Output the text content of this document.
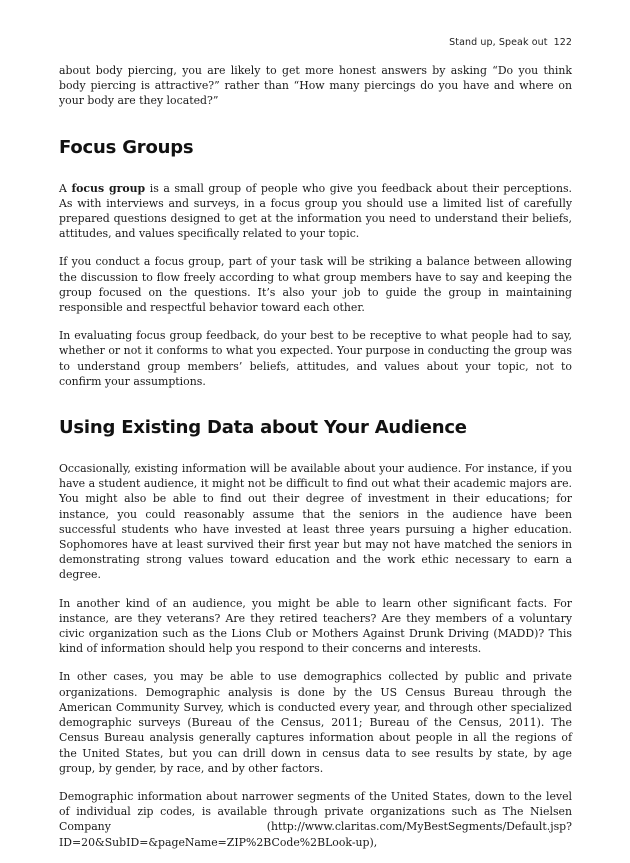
Stand up, Speak out 122

about body piercing, you are likely to get more honest answers by asking “Do you think body piercing is attractive?” rather than “How many piercings do you have and where on your body are they located?”

Focus Groups

A focus group is a small group of people who give you feedback about their perceptions. As with interviews and surveys, in a focus group you should use a limited list of carefully prepared questions designed to get at the information you need to understand their beliefs, attitudes, and values specifically related to your topic.

If you conduct a focus group, part of your task will be striking a balance between allowing the discussion to flow freely according to what group members have to say and keeping the group focused on the questions. It’s also your job to guide the group in maintaining responsible and respectful behavior toward each other.

In evaluating focus group feedback, do your best to be receptive to what people had to say, whether or not it conforms to what you expected. Your purpose in conducting the group was to understand group members’ beliefs, attitudes, and values about your topic, not to confirm your assumptions.

Using Existing Data about Your Audience

Occasionally, existing information will be available about your audience. For instance, if you have a student audience, it might not be difficult to find out what their academic majors are. You might also be able to find out their degree of investment in their educations; for instance, you could reasonably assume that the seniors in the audience have been successful students who have invested at least three years pursuing a higher education. Sophomores have at least survived their first year but may not have matched the seniors in demonstrating strong values toward education and the work ethic necessary to earn a degree.

In another kind of an audience, you might be able to learn other significant facts. For instance, are they veterans? Are they retired teachers? Are they members of a voluntary civic organization such as the Lions Club or Mothers Against Drunk Driving (MADD)? This kind of information should help you respond to their concerns and interests.

In other cases, you may be able to use demographics collected by public and private organizations. Demographic analysis is done by the US Census Bureau through the American Community Survey, which is conducted every year, and through other specialized demographic surveys (Bureau of the Census, 2011; Bureau of the Census, 2011). The Census Bureau analysis generally captures information about people in all the regions of the United States, but you can drill down in census data to see results by state, by age group, by gender, by race, and by other factors.

Demographic information about narrower segments of the United States, down to the level of individual zip codes, is available through private organizations such as The Nielsen Company (http://www.claritas.com/MyBestSegments/Default.jsp?ID=20&SubID=&pageName=ZIP%2BCode%2BLook-up),
